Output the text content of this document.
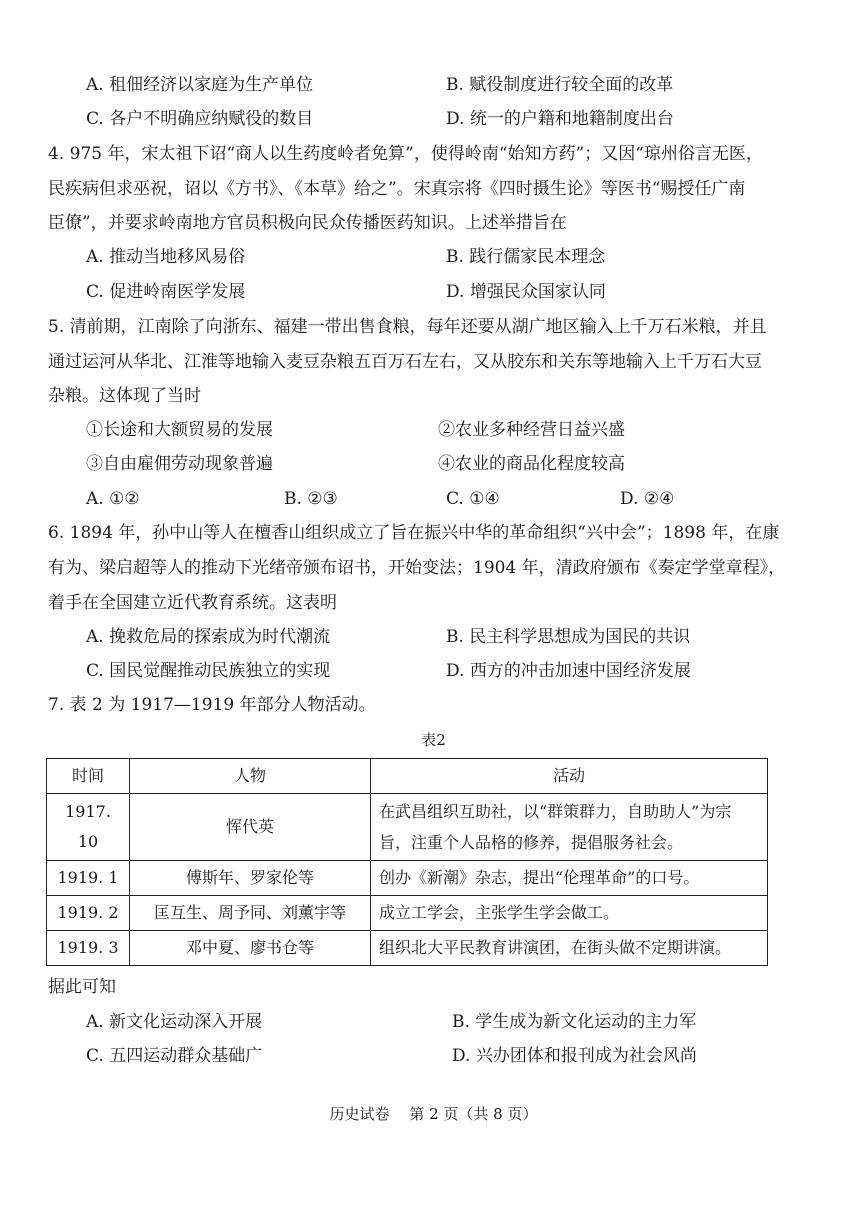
A. 租佃经济以家庭为生产单位	B. 赋役制度进行较全面的改革
C. 各户不明确应纳赋役的数目	D. 统一的户籍和地籍制度出台
4. 975 年，宋太祖下诏“商人以生药度岭者免算”，使得岭南“始知方药”；又因“琼州俗言无医，
民疾病但求巫祝，诏以《方书》、《本草》给之”。宋真宗将《四时摄生论》等医书“赐授任广南
臣僚”，并要求岭南地方官员积极向民众传播医药知识。上述举措旨在
A. 推动当地移风易俗	B. 践行儒家民本理念
C. 促进岭南医学发展	D. 增强民众国家认同
5. 清前期，江南除了向浙东、福建一带出售食粮，每年还要从湖广地区输入上千万石米粮，并且
通过运河从华北、江淮等地输入麦豆杂粮五百万石左右，又从胶东和关东等地输入上千万石大豆
杂粮。这体现了当时
①长途和大额贸易的发展	②农业多种经营日益兴盛
③自由雇佣劳动现象普遍	④农业的商品化程度较高
A. ①②	B. ②③	C. ①④	D. ②④
6. 1894 年，孙中山等人在檀香山组织成立了旨在振兴中华的革命组织“兴中会”；1898 年，在康
有为、梁启超等人的推动下光绪帝颁布诏书，开始变法；1904 年，清政府颁布《奏定学堂章程》，
着手在全国建立近代教育系统。这表明
A. 挽救危局的探索成为时代潮流	B. 民主科学思想成为国民的共识
C. 国民觉醒推动民族独立的实现	D. 西方的冲击加速中国经济发展
7. 表 2 为 1917—1919 年部分人物活动。
表2
时间	人物	活动
1917. 10	恽代英	在武昌组织互助社，以“群策群力，自助助人”为宗旨，注重个人品格的修养，提倡服务社会。
1919. 1	傅斯年、罗家伦等	创办《新潮》杂志，提出“伦理革命”的口号。
1919. 2	匡互生、周予同、刘薰宇等	成立工学会，主张学生学会做工。
1919. 3	邓中夏、廖书仓等	组织北大平民教育讲演团，在街头做不定期讲演。
据此可知
A. 新文化运动深入开展	B. 学生成为新文化运动的主力军
C. 五四运动群众基础广	D. 兴办团体和报刊成为社会风尚
历史试卷　 第 2 页（共 8 页）
